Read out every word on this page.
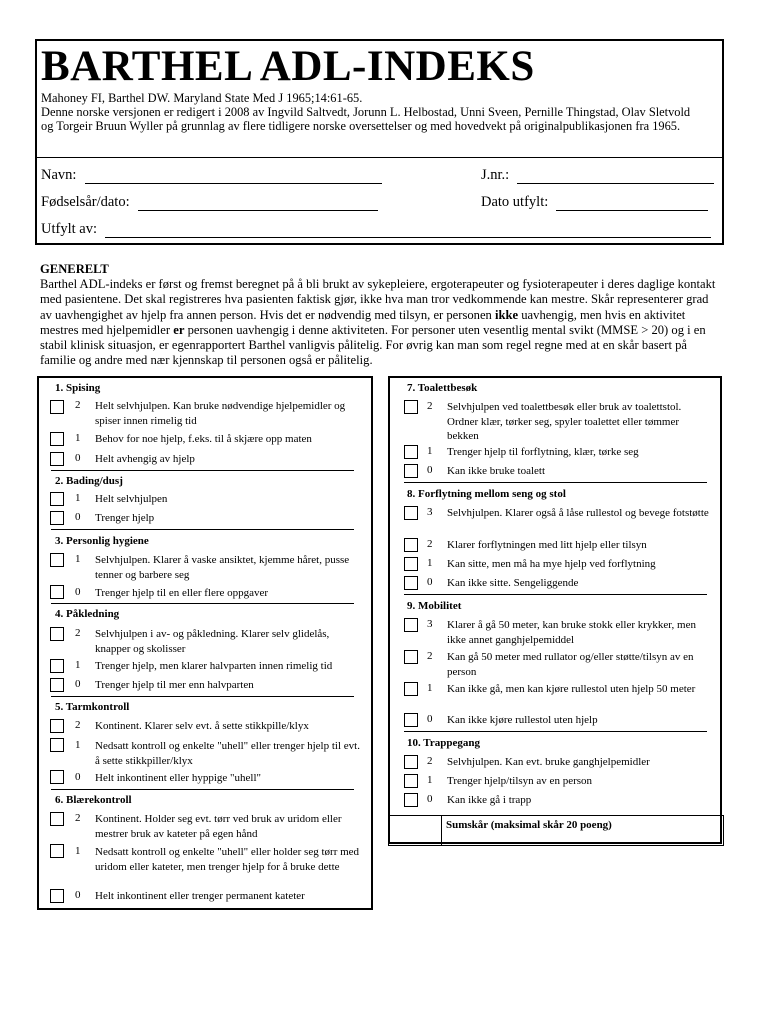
BARTHEL ADL-INDEKS
Mahoney FI, Barthel DW. Maryland State Med J 1965;14:61-65.
Denne norske versjonen er redigert i 2008 av Ingvild Saltvedt, Jorunn L. Helbostad, Unni Sveen, Pernille Thingstad, Olav Sletvold
og Torgeir Bruun Wyller på grunnlag av flere tidligere norske oversettelser og med hovedvekt på originalpublikasjonen fra 1965.
Navn:	J.nr.:
Fødselsår/dato:	Dato utfylt:
Utfylt av:
GENERELT
Barthel ADL-indeks er først og fremst beregnet på å bli brukt av sykepleiere, ergoterapeuter og fysioterapeuter i deres daglige kontakt med pasientene. Det skal registreres hva pasienten faktisk gjør, ikke hva man tror vedkommende kan mestre. Skår representerer grad av uavhengighet av hjelp fra annen person. Hvis det er nødvendig med tilsyn, er personen ikke uavhengig, men hvis en aktivitet mestres med hjelpemidler er personen uavhengig i denne aktiviteten. For personer uten vesentlig mental svikt (MMSE > 20) og i en stabil klinisk situasjon, er egenrapportert Barthel vanligvis pålitelig. For øvrig kan man som regel regne med at en skår basert på familie og andre med nær kjennskap til personen også er pålitelig.
1. Spising
2 Helt selvhjulpen. Kan bruke nødvendige hjelpemidler og spiser innen rimelig tid
1 Behov for noe hjelp, f.eks. til å skjære opp maten
0 Helt avhengig av hjelp
2. Bading/dusj
1 Helt selvhjulpen
0 Trenger hjelp
3. Personlig hygiene
1 Selvhjulpen. Klarer å vaske ansiktet, kjemme håret, pusse tenner og barbere seg
0 Trenger hjelp til en eller flere oppgaver
4. Påkledning
2 Selvhjulpen i av- og påkledning. Klarer selv glidelås, knapper og skolisser
1 Trenger hjelp, men klarer halvparten innen rimelig tid
0 Trenger hjelp til mer enn halvparten
5. Tarmkontroll
2 Kontinent. Klarer selv evt. å sette stikkpille/klyx
1 Nedsatt kontroll og enkelte "uhell" eller trenger hjelp til evt. å sette stikkpiller/klyx
0 Helt inkontinent eller hyppige "uhell"
6. Blærekontroll
2 Kontinent. Holder seg evt. tørr ved bruk av uridom eller mestrer bruk av kateter på egen hånd
1 Nedsatt kontroll og enkelte "uhell" eller holder seg tørr med uridom eller kateter, men trenger hjelp for å bruke dette
0 Helt inkontinent eller trenger permanent kateter
7. Toalettbesøk
2 Selvhjulpen ved toalettbesøk eller bruk av toalettstol. Ordner klær, tørker seg, spyler toalettet eller tømmer bekken
1 Trenger hjelp til forflytning, klær, tørke seg
0 Kan ikke bruke toalett
8. Forflytning mellom seng og stol
3 Selvhjulpen. Klarer også å låse rullestol og bevege fotstøtte
2 Klarer forflytningen med litt hjelp eller tilsyn
1 Kan sitte, men må ha mye hjelp ved forflytning
0 Kan ikke sitte. Sengeliggende
9. Mobilitet
3 Klarer å gå 50 meter, kan bruke stokk eller krykker, men ikke annet ganghjelpemiddel
2 Kan gå 50 meter med rullator og/eller støtte/tilsyn av en person
1 Kan ikke gå, men kan kjøre rullestol uten hjelp 50 meter
0 Kan ikke kjøre rullestol uten hjelp
10. Trappegang
2 Selvhjulpen. Kan evt. bruke ganghjelpemidler
1 Trenger hjelp/tilsyn av en person
0 Kan ikke gå i trapp
Sumskår (maksimal skår 20 poeng)
